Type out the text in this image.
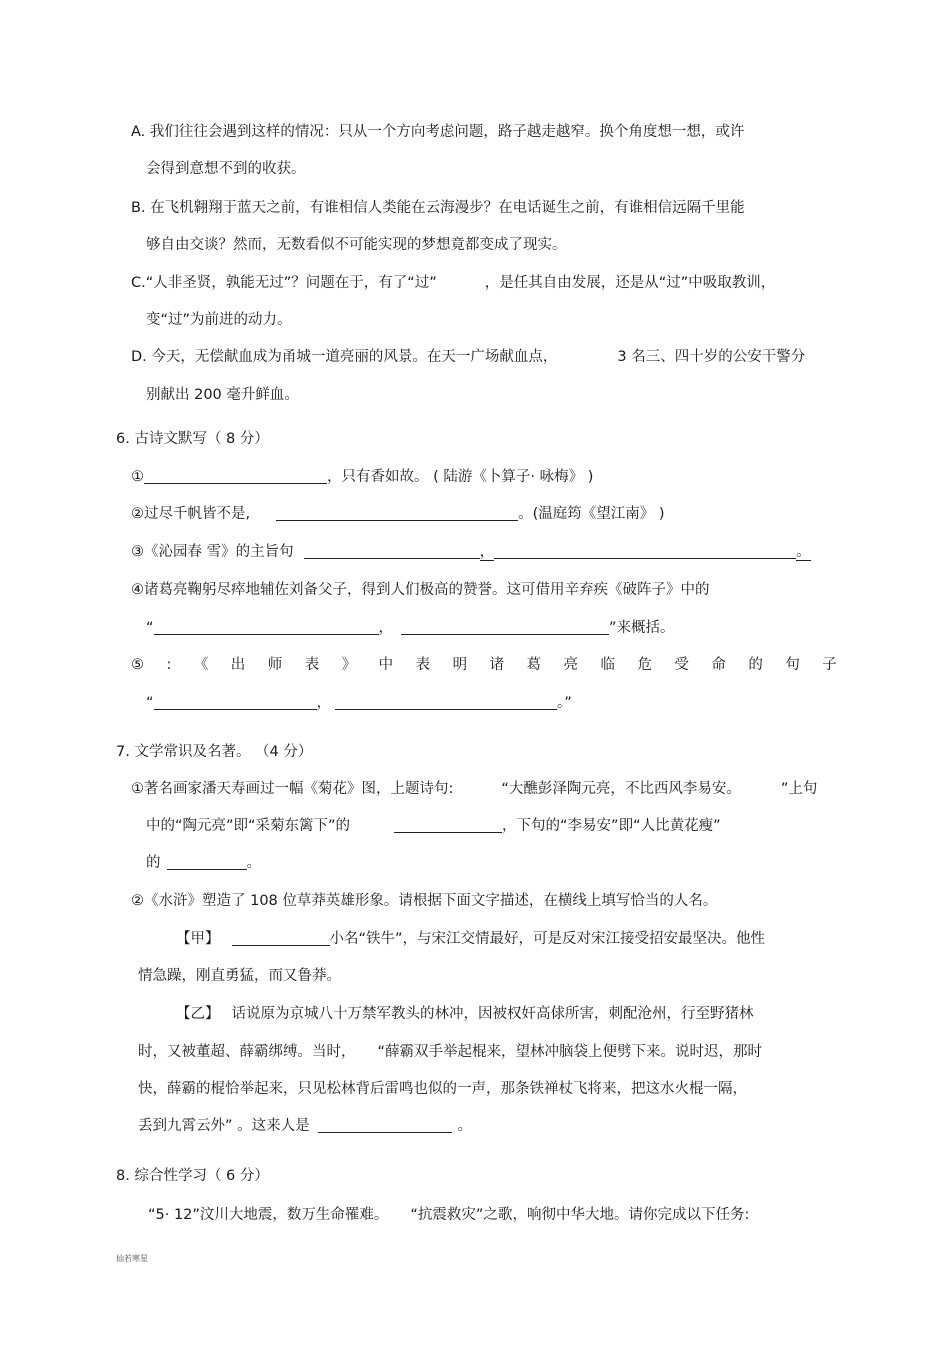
A. 我们往往会遇到这样的情况：只从一个方向考虑问题，路子越走越窄。换个角度想一想，或许
会得到意想不到的收获。
B. 在飞机翱翔于蓝天之前，有谁相信人类能在云海漫步？在电话诞生之前，有谁相信远隔千里能
够自由交谈？然而，无数看似不可能实现的梦想竟都变成了现实。
C.“人非圣贤，孰能无过”？问题在于，有了“过”	，是任其自由发展，还是从“过”中吸取教训，
变“过”为前进的动力。
D. 今天，无偿献血成为甬城一道亮丽的风景。在天一广场献血点，	3 名三、四十岁的公安干警分
别献出 200 毫升鲜血。
6. 古诗文默写（ 8 分）
①	，只有香如故。 ( 陆游《卜算子· 咏梅》 )
②过尽千帆皆不是,	。(温庭筠《望江南》 )
③《沁园春 雪》的主旨句	，	。
④诸葛亮鞠躬尽瘁地辅佐刘备父子，得到人们极高的赞誉。这可借用辛弃疾《破阵子》中的
“	，	”来概括。
⑤ : 《 出 师 表 》 中 表 明 诸 葛 亮 临 危 受 命 的 句 子
“	，	。”
7. 文学常识及名著。 （4 分）
①著名画家潘天寿画过一幅《菊花》图，上题诗句:	“大醮彭泽陶元亮，不比西风李易安。	”上句
中的“陶元亮”即“采菊东篱下”的	，下句的“李易安”即“人比黄花瘦”
的	。
②《水浒》塑造了 108 位草莽英雄形象。请根据下面文字描述，在横线上填写恰当的人名。
【甲】	小名“铁牛”，与宋江交情最好，可是反对宋江接受招安最坚决。他性
情急躁，刚直勇猛，而又鲁莽。
【乙】 话说原为京城八十万禁军教头的林冲，因被权奸高俅所害，刺配沧州，行至野猪林
时，又被董超、薛霸绑缚。当时， “薛霸双手举起棍来，望林冲脑袋上便劈下来。说时迟，那时
快，薛霸的棍恰举起来，只见松林背后雷鸣也似的一声，那条铁禅杖飞将来，把这水火棍一隔，
丢到九霄云外” 。这来人是	。
8. 综合性学习（ 6 分）
“5· 12”汶川大地震，数万生命罹难。 “抗震救灾”之歌，响彻中华大地。请你完成以下任务:
仙若寒星
